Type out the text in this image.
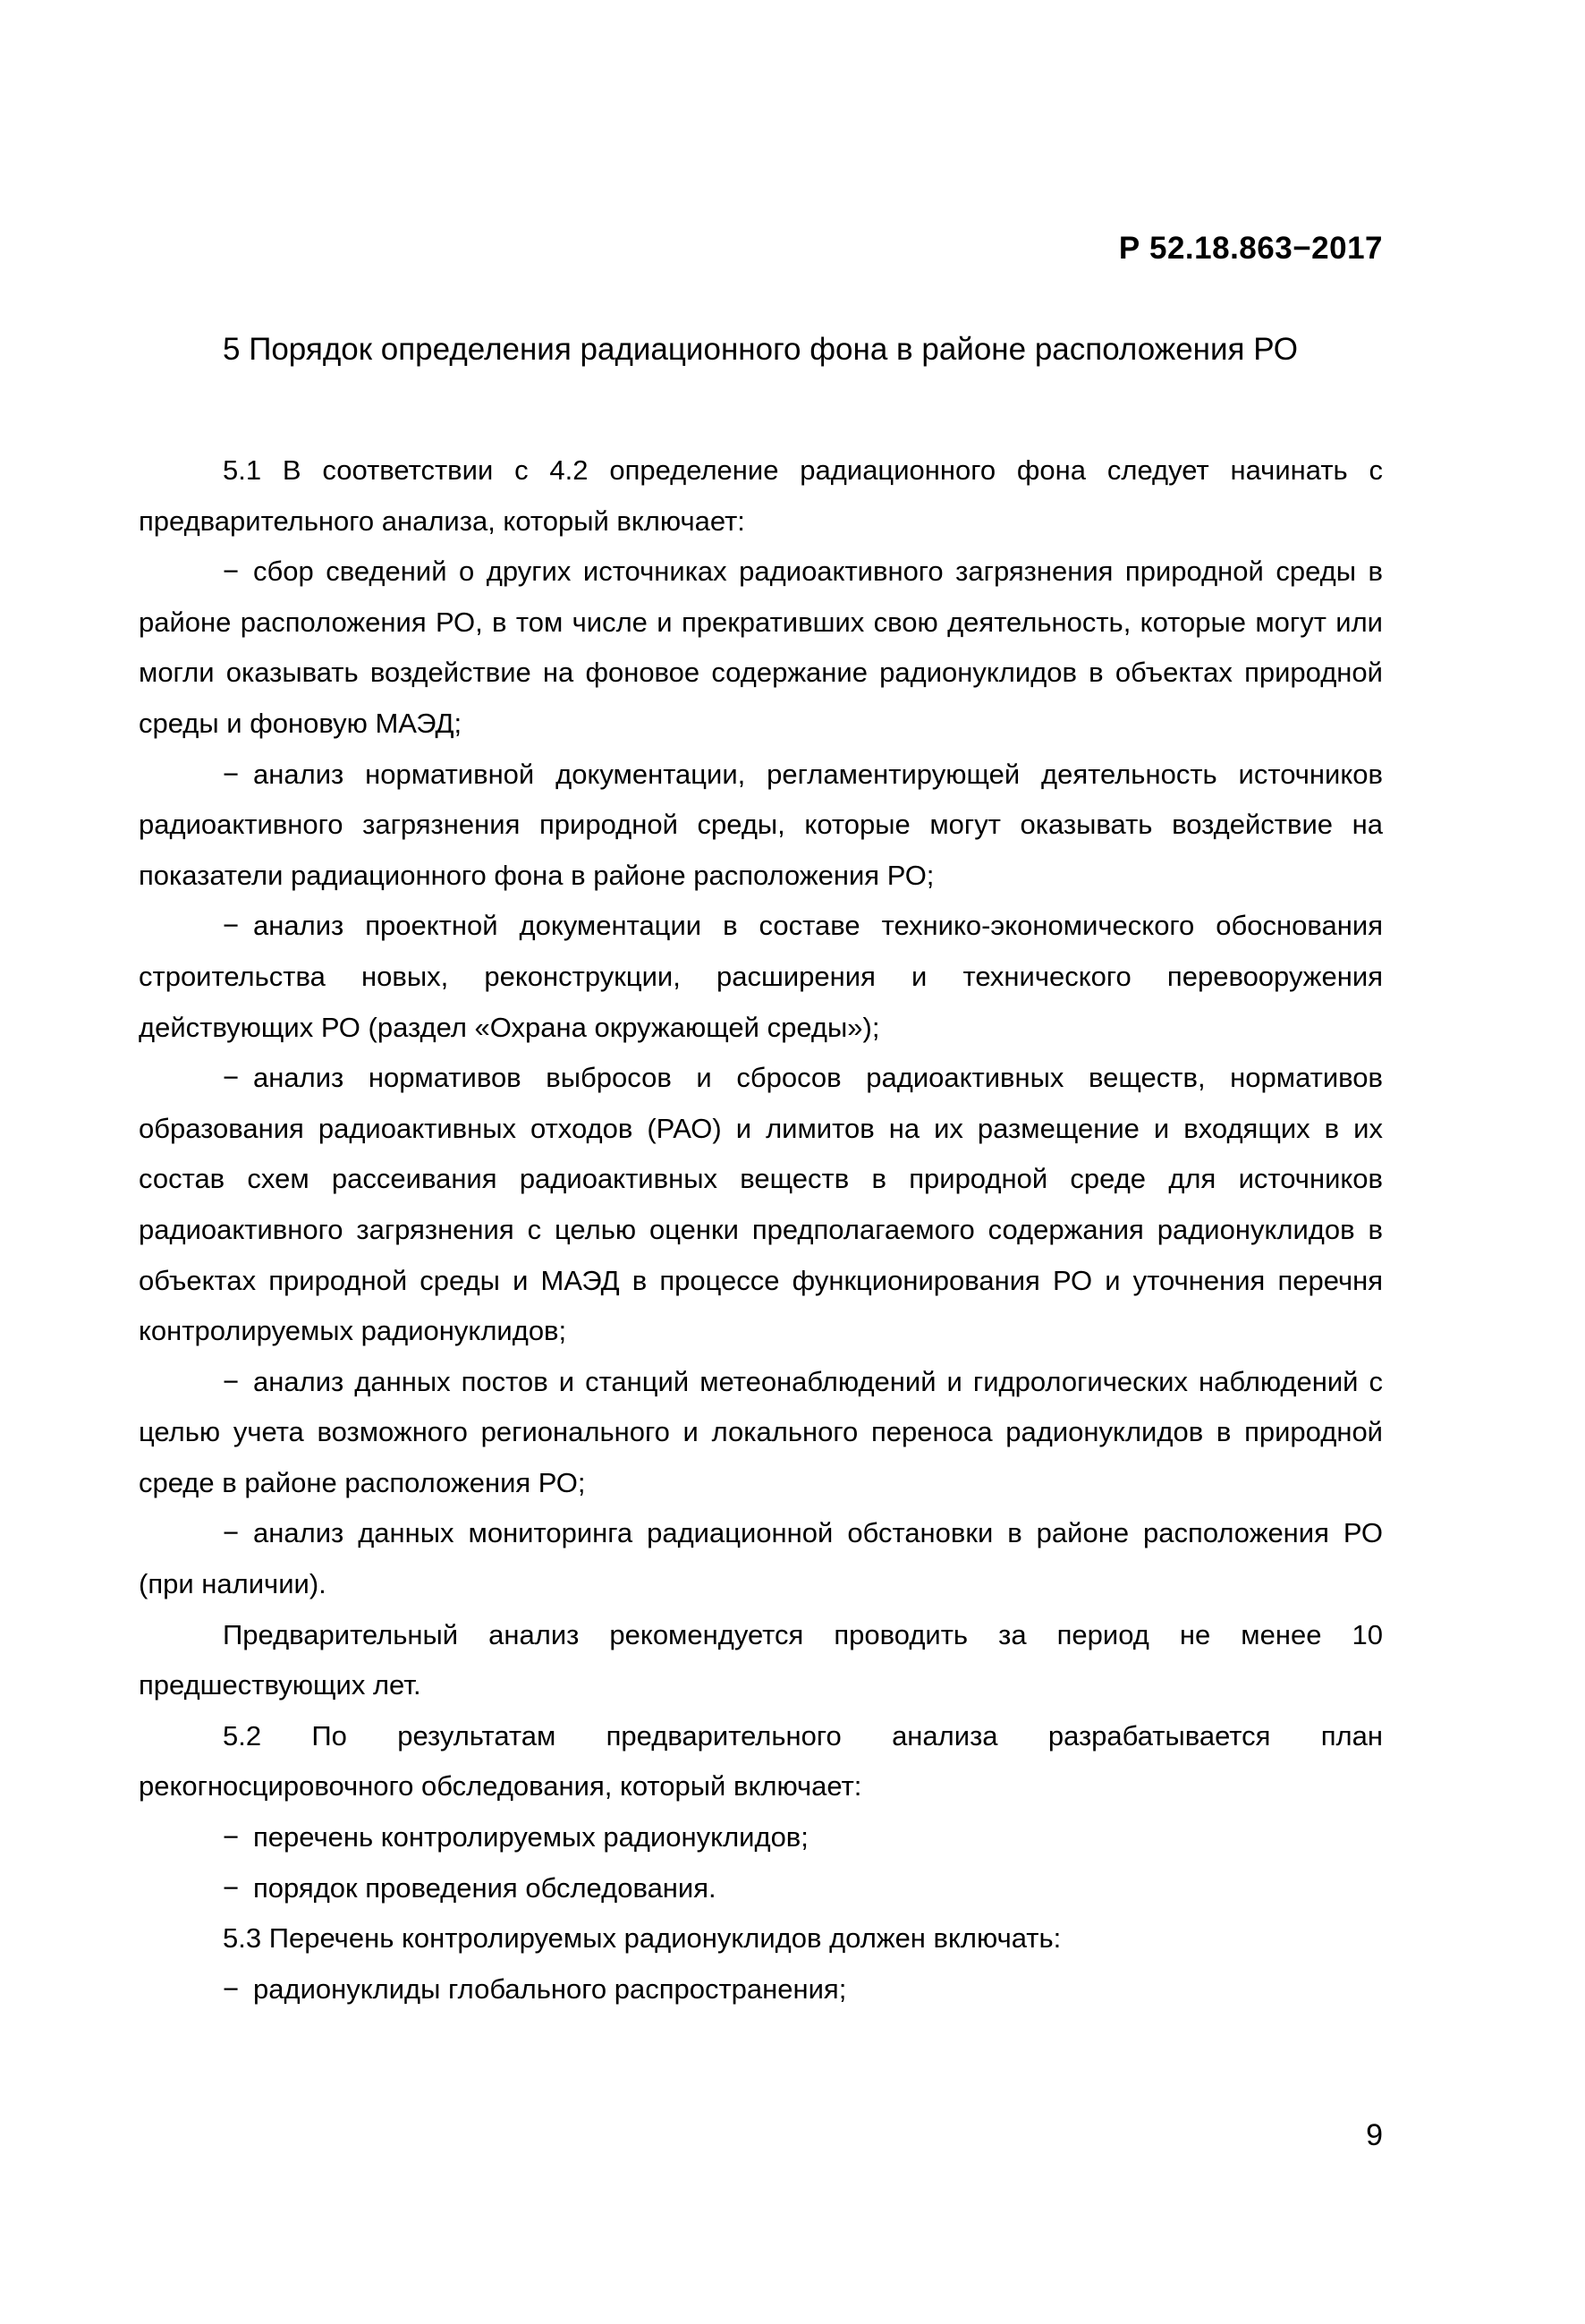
Р 52.18.863−2017

5 Порядок определения радиационного фона в районе расположения РО

5.1 В соответствии с 4.2 определение радиационного фона следует начинать с предварительного анализа, который включает:

− сбор сведений о других источниках радиоактивного загрязнения природной среды в районе расположения РО, в том числе и прекративших свою деятельность, которые могут или могли оказывать воздействие на фоновое содержание радионуклидов в объектах природной среды и фоновую МАЭД;

− анализ нормативной документации, регламентирующей деятельность источников радиоактивного загрязнения природной среды, которые могут оказывать воздействие на показатели радиационного фона в районе расположения РО;

− анализ проектной документации в составе технико-экономического обоснования строительства новых, реконструкции, расширения и технического перевооружения действующих РО (раздел «Охрана окружающей среды»);

− анализ нормативов выбросов и сбросов радиоактивных веществ, нормативов образования радиоактивных отходов (РАО) и лимитов на их размещение и входящих в их состав схем рассеивания радиоактивных веществ в природной среде для источников радиоактивного загрязнения с целью оценки предполагаемого содержания радионуклидов в объектах природной среды и МАЭД в процессе функционирования РО и уточнения перечня контролируемых радионуклидов;

− анализ данных постов и станций метеонаблюдений и гидрологических наблюдений с целью учета возможного регионального и локального переноса радионуклидов в природной среде в районе расположения РО;

− анализ данных мониторинга радиационной обстановки в районе расположения РО (при наличии).

Предварительный анализ рекомендуется проводить за период не менее 10 предшествующих лет.

5.2 По результатам предварительного анализа разрабатывается план рекогносцировочного обследования, который включает:

− перечень контролируемых радионуклидов;

− порядок проведения обследования.

5.3 Перечень контролируемых радионуклидов должен включать:

− радионуклиды глобального распространения;

9
